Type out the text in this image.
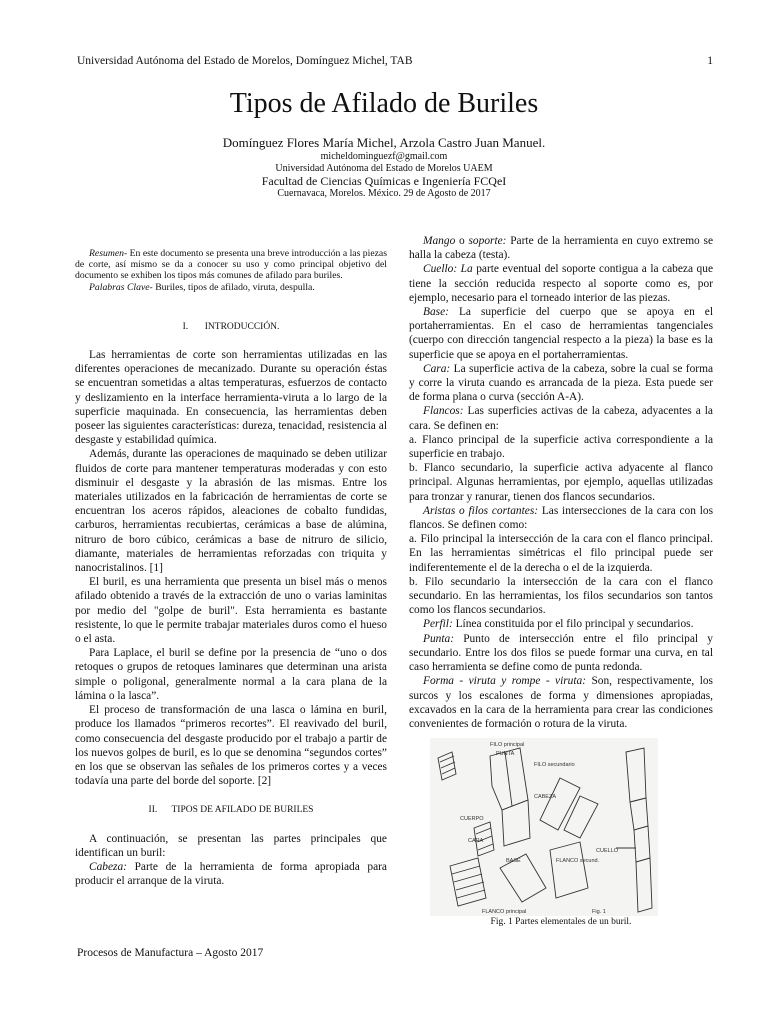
Universidad Autónoma del Estado de Morelos, Domínguez Michel, TAB	1
Tipos de Afilado de Buriles
Domínguez Flores María Michel, Arzola Castro Juan Manuel.
micheldominguezf@gmail.com
Universidad Autónoma del Estado de Morelos UAEM
Facultad de Ciencias Químicas e Ingeniería FCQeI
Cuernavaca, Morelos. México. 29 de Agosto de 2017

Resumen- En este documento se presenta una breve introducción a las piezas de corte, así mismo se da a conocer su uso y como principal objetivo del documento se exhiben los tipos más comunes de afilado para buriles.

Palabras Clave- Buriles, tipos de afilado, viruta, despulla.

I.       INTRODUCCIÓN.

Las herramientas de corte son herramientas utilizadas en las diferentes operaciones de mecanizado. Durante su operación éstas se encuentran sometidas a altas temperaturas, esfuerzos de contacto y deslizamiento en la interface herramienta-viruta a lo largo de la superficie maquinada. En consecuencia, las herramientas deben poseer las siguientes características: dureza, tenacidad, resistencia al desgaste y estabilidad química.

Además, durante las operaciones de maquinado se deben utilizar fluidos de corte para mantener temperaturas moderadas y con esto disminuir el desgaste y la abrasión de las mismas. Entre los materiales utilizados en la fabricación de herramientas de corte se encuentran los aceros rápidos, aleaciones de cobalto fundidas, carburos, herramientas recubiertas, cerámicas a base de alúmina, nitruro de boro cúbico, cerámicas a base de nitruro de silicio, diamante, materiales de herramientas reforzadas con triquita y nanocristalinos. [1]

El buril, es una herramienta que presenta un bisel más o menos afilado obtenido a través de la extracción de uno o varias laminitas por medio del "golpe de buril". Esta herramienta es bastante resistente, lo que le permite trabajar materiales duros como el hueso o el asta.

Para Laplace, el buril se define por la presencia de “uno o dos retoques o grupos de retoques laminares que determinan una arista simple o poligonal, generalmente normal a la cara plana de la lámina o la lasca”.

El proceso de transformación de una lasca o lámina en buril, produce los llamados “primeros recortes”. El reavivado del buril, como consecuencia del desgaste producido por el trabajo a partir de los nuevos golpes de buril, es lo que se denomina “segundos cortes” en los que se observan las señales de los primeros cortes y a veces todavía una parte del borde del soporte. [2]

II.      TIPOS DE AFILADO DE BURILES

A continuación, se presentan las partes principales que identifican un buril:

Cabeza: Parte de la herramienta de forma apropiada para producir el arranque de la viruta.

Mango o soporte: Parte de la herramienta en cuyo extremo se halla la cabeza (testa).

Cuello: La parte eventual del soporte contigua a la cabeza que tiene la sección reducida respecto al soporte como es, por ejemplo, necesario para el torneado interior de las piezas.

Base: La superficie del cuerpo que se apoya en el portaherramientas. En el caso de herramientas tangenciales (cuerpo con dirección tangencial respecto a la pieza) la base es la superficie que se apoya en el portaherramientas.

Cara: La superficie activa de la cabeza, sobre la cual se forma y corre la viruta cuando es arrancada de la pieza. Esta puede ser de forma plana o curva (sección A-A).

Flancos: Las superficies activas de la cabeza, adyacentes a la cara. Se definen en:

a. Flanco principal de la superficie activa correspondiente a la superficie en trabajo.

b. Flanco secundario, la superficie activa adyacente al flanco principal. Algunas herramientas, por ejemplo, aquellas utilizadas para tronzar y ranurar, tienen dos flancos secundarios.

Aristas o filos cortantes: Las intersecciones de la cara con los flancos. Se definen como:

a. Filo principal la intersección de la cara con el flanco principal. En las herramientas simétricas el filo principal puede ser indiferentemente el de la derecha o el de la izquierda.

b. Filo secundario la intersección de la cara con el flanco secundario. En las herramientas, los filos secundarios son tantos como los flancos secundarios.

Perfil: Línea constituida por el filo principal y secundarios.

Punta: Punto de intersección entre el filo principal y secundario. Entre los dos filos se puede formar una curva, en tal caso herramienta se define como de punta redonda.

Forma - viruta y rompe - viruta: Son, respectivamente, los surcos y los escalones de forma y dimensiones apropiadas, excavados en la cara de la herramienta para crear las condiciones convenientes de formación o rotura de la viruta.

FILO principal
PUNTA
FILO secundario
CABEZA
CUERPO
CARA
BASE	FLANCO secund.
CUELLO
FLANCO principal	Fig. 1
Fig. 1 Partes elementales de un buril.
Procesos de Manufactura – Agosto 2017
